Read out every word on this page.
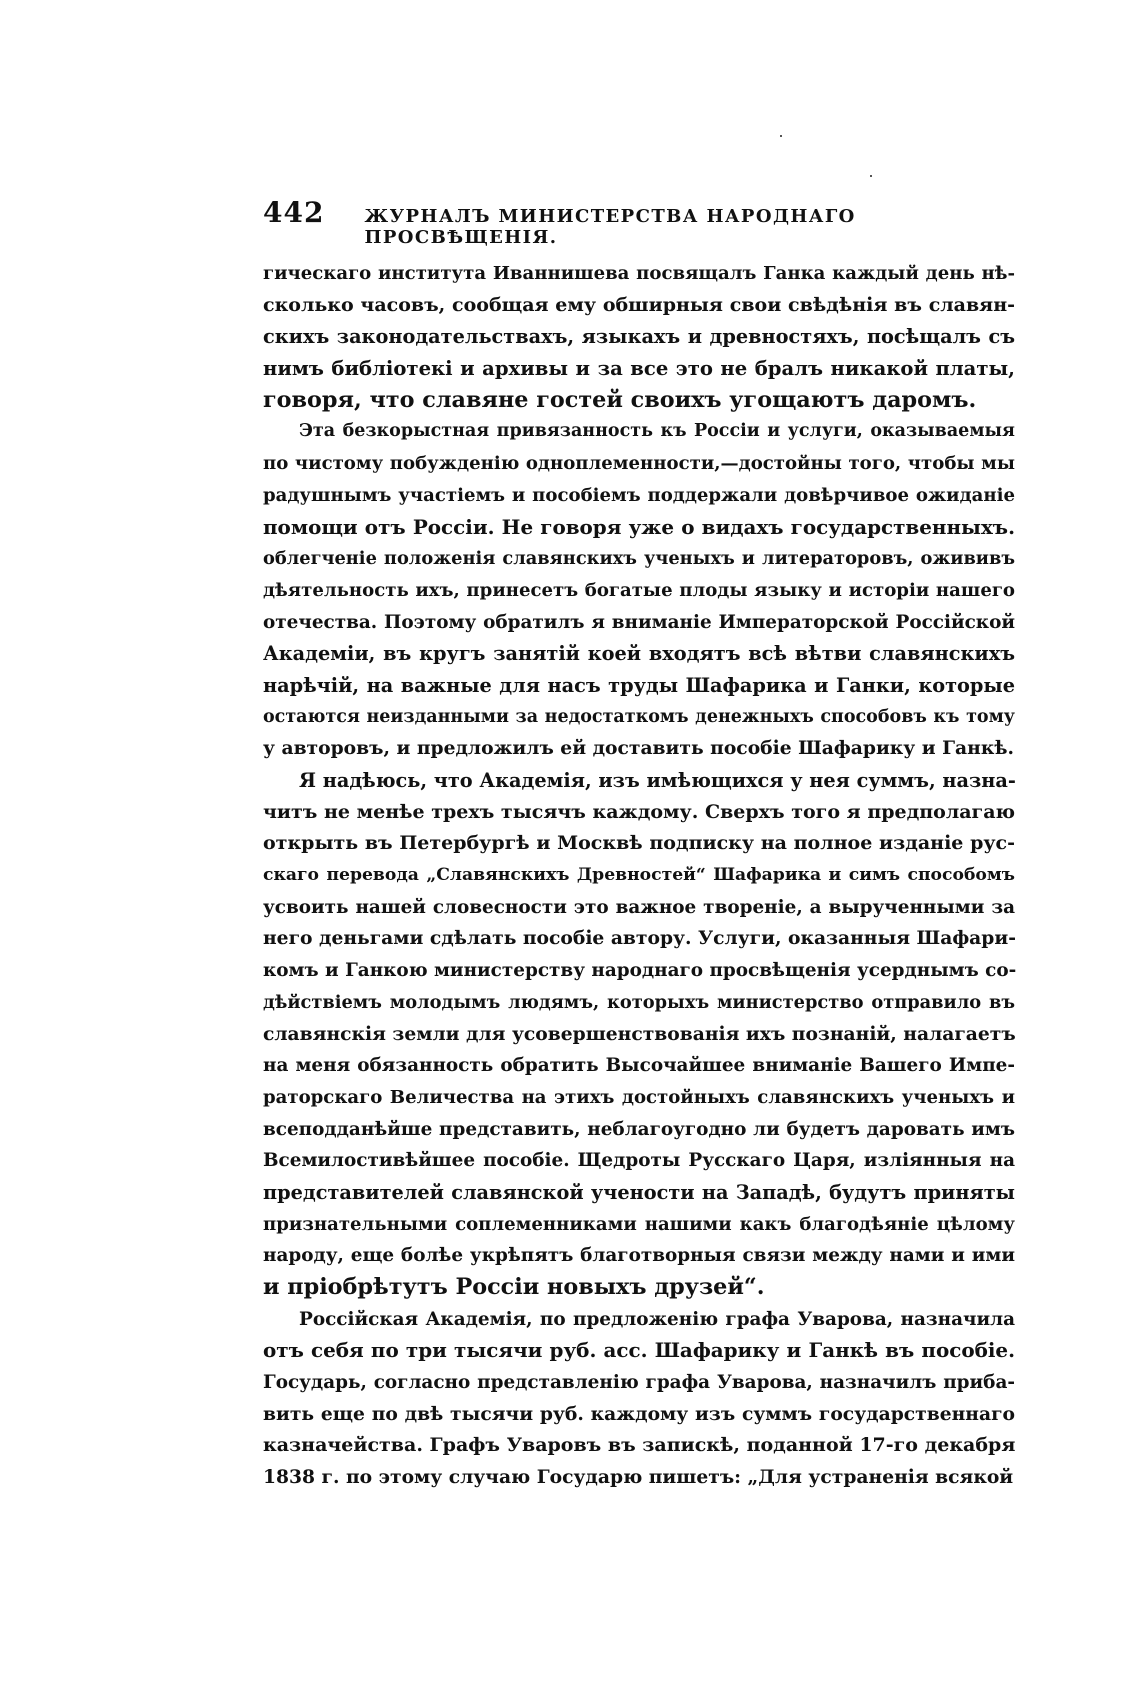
442 ЖУРНАЛЪ МИНИСТЕРСТВА НАРОДНАГО ПРОСВѢЩЕНІЯ.
гическаго института Иваннишева посвящалъ Ганка каждый день нѣ-
сколько часовъ, сообщая ему обширныя свои свѣдѣнія въ славян-
скихъ законодательствахъ, языкахъ и древностяхъ, посѣщалъ съ
нимъ библіотекі и архивы и за все это не бралъ никакой платы,
говоря, что славяне гостей своихъ угощаютъ даромъ.
Эта безкорыстная привязанность къ Россіи и услуги, оказываемыя
по чистому побужденію одноплеменности,—достойны того, чтобы мы
радушнымъ участіемъ и пособіемъ поддержали довѣрчивое ожиданіе
помощи отъ Россіи. Не говоря уже о видахъ государственныхъ.
облегченіе положенія славянскихъ ученыхъ и литераторовъ, ожививъ
дѣятельность ихъ, принесетъ богатые плоды языку и исторіи нашего
отечества. Поэтому обратилъ я вниманіе Императорской Россійской
Академіи, въ кругъ занятій коей входятъ всѣ вѣтви славянскихъ
нарѣчій, на важные для насъ труды Шафарика и Ганки, которые
остаются неизданными за недостаткомъ денежныхъ способовъ къ тому
у авторовъ, и предложилъ ей доставить пособіе Шафарику и Ганкѣ.
Я надѣюсь, что Академія, изъ имѣющихся у нея суммъ, назна-
читъ не менѣе трехъ тысячъ каждому. Сверхъ того я предполагаю
открыть въ Петербургѣ и Москвѣ подписку на полное изданіе рус-
скаго перевода „Славянскихъ Древностей“ Шафарика и симъ способомъ
усвоить нашей словесности это важное твореніе, а вырученными за
него деньгами сдѣлать пособіе автору. Услуги, оказанныя Шафари-
комъ и Ганкою министерству народнаго просвѣщенія усерднымъ со-
дѣйствіемъ молодымъ людямъ, которыхъ министерство отправило въ
славянскія земли для усовершенствованія ихъ познаній, налагаетъ
на меня обязанность обратить Высочайшее вниманіе Вашего Импе-
раторскаго Величества на этихъ достойныхъ славянскихъ ученыхъ и
всеподданѣйше представить, неблагоугодно ли будетъ даровать имъ
Всемилостивѣйшее пособіе. Щедроты Русскаго Царя, изліянныя на
представителей славянской учености на Западѣ, будутъ приняты
признательными соплеменниками нашими какъ благодѣяніе цѣлому
народу, еще болѣе укрѣпятъ благотворныя связи между нами и ими
и пріобрѣтутъ Россіи новыхъ друзей“.
Россійская Академія, по предложенію графа Уварова, назначила
отъ себя по три тысячи руб. асс. Шафарику и Ганкѣ въ пособіе.
Государь, согласно представленію графа Уварова, назначилъ приба-
вить еще по двѣ тысячи руб. каждому изъ суммъ государственнаго
казначейства. Графъ Уваровъ въ запискѣ, поданной 17-го декабря
1838 г. по этому случаю Государю пишетъ: „Для устраненія всякой
